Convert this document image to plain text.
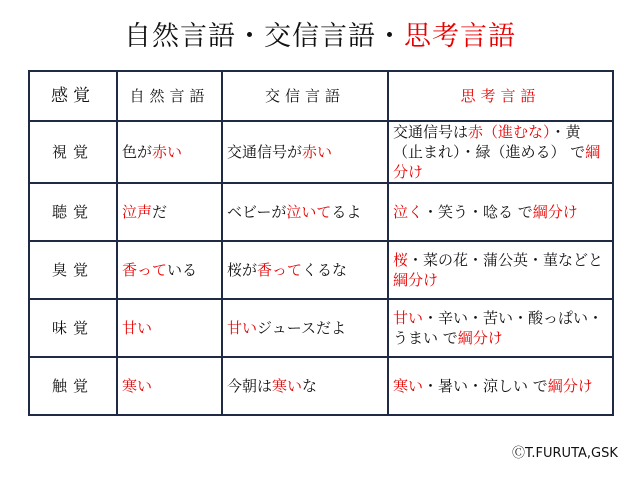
自然言語・交信言語・思考言語
感覚	自然言語	交信言語	思考言語
視覚	色が赤い	交通信号が赤い	交通信号は赤（進むな）・黄（止まれ）・緑（進める） で綱分け
聴覚	泣声だ	ベビーが泣いてるよ	泣く・笑う・唸る で綱分け
臭覚	香っている	桜が香ってくるな	桜・菜の花・蒲公英・菫などと綱分け
味覚	甘い	甘いジュースだよ	甘い・辛い・苦い・酸っぱい・うまい で綱分け
触覚	寒い	今朝は寒いな	寒い・暑い・涼しい で綱分け
ⒸT.FURUTA,GSK
